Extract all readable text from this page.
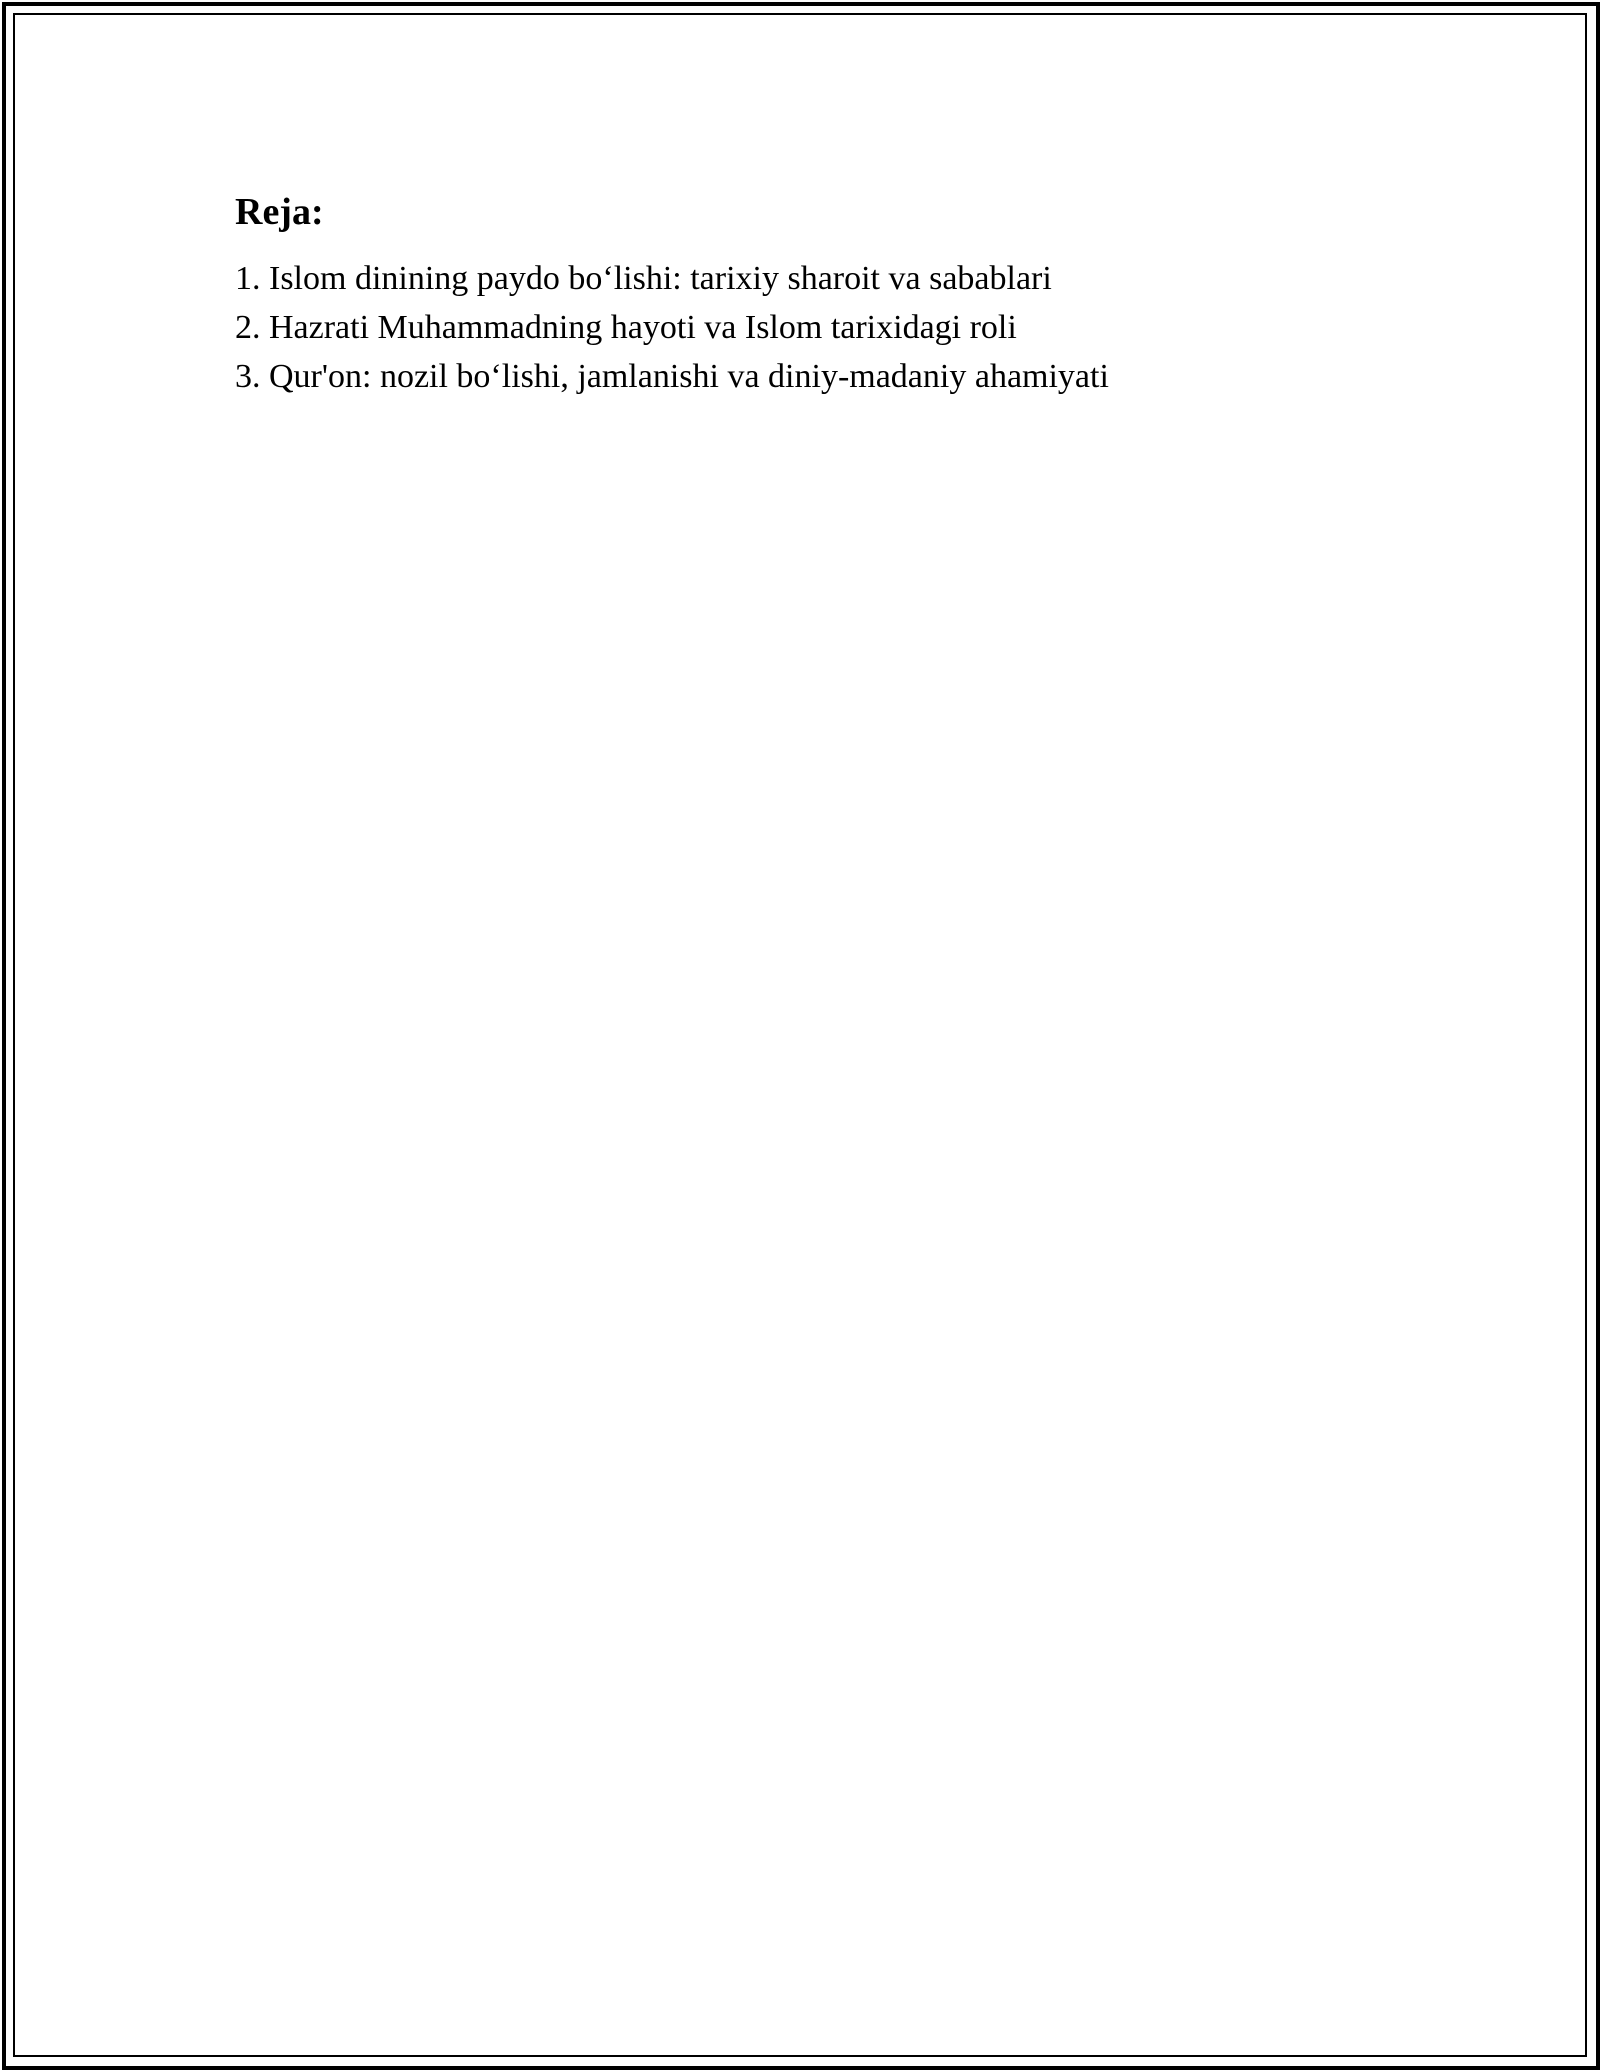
Reja:
1. Islom dinining paydo bo‘lishi: tarixiy sharoit va sabablari
2. Hazrati Muhammadning hayoti va Islom tarixidagi roli
3. Qur'on: nozil bo‘lishi, jamlanishi va diniy-madaniy ahamiyati
